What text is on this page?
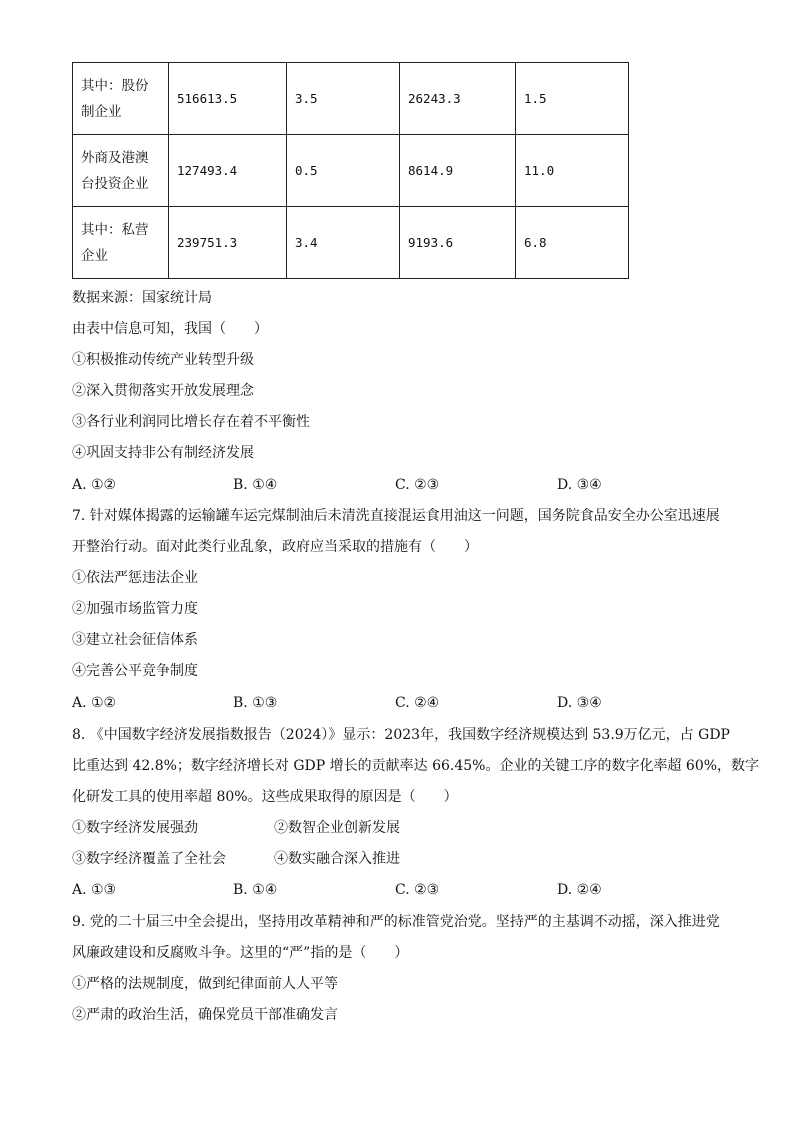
其中：股份制企业	516613.5	3.5	26243.3	1.5
外商及港澳台投资企业	127493.4	0.5	8614.9	11.0
其中：私营企业	239751.3	3.4	9193.6	6.8
数据来源：国家统计局
由表中信息可知，我国（　　）
①积极推动传统产业转型升级
②深入贯彻落实开放发展理念
③各行业利润同比增长存在着不平衡性
④巩固支持非公有制经济发展
A. ①②	B. ①④	C. ②③	D. ③④
7. 针对媒体揭露的运输罐车运完煤制油后未清洗直接混运食用油这一问题，国务院食品安全办公室迅速展
开整治行动。面对此类行业乱象，政府应当采取的措施有（　　）
①依法严惩违法企业
②加强市场监管力度
③建立社会征信体系
④完善公平竞争制度
A. ①②	B. ①③	C. ②④	D. ③④
8. 《中国数字经济发展指数报告（2024）》显示：2023年，我国数字经济规模达到 53.9万亿元，占 GDP
比重达到 42.8%；数字经济增长对 GDP 增长的贡献率达 66.45%。企业的关键工序的数字化率超 60%，数字
化研发工具的使用率超 80%。这些成果取得的原因是（　　）
①数字经济发展强劲	②数智企业创新发展
③数字经济覆盖了全社会	④数实融合深入推进
A. ①③	B. ①④	C. ②③	D. ②④
9. 党的二十届三中全会提出，坚持用改革精神和严的标准管党治党。坚持严的主基调不动摇，深入推进党
风廉政建设和反腐败斗争。这里的“严”指的是（　　）
①严格的法规制度，做到纪律面前人人平等
②严肃的政治生活，确保党员干部准确发言
